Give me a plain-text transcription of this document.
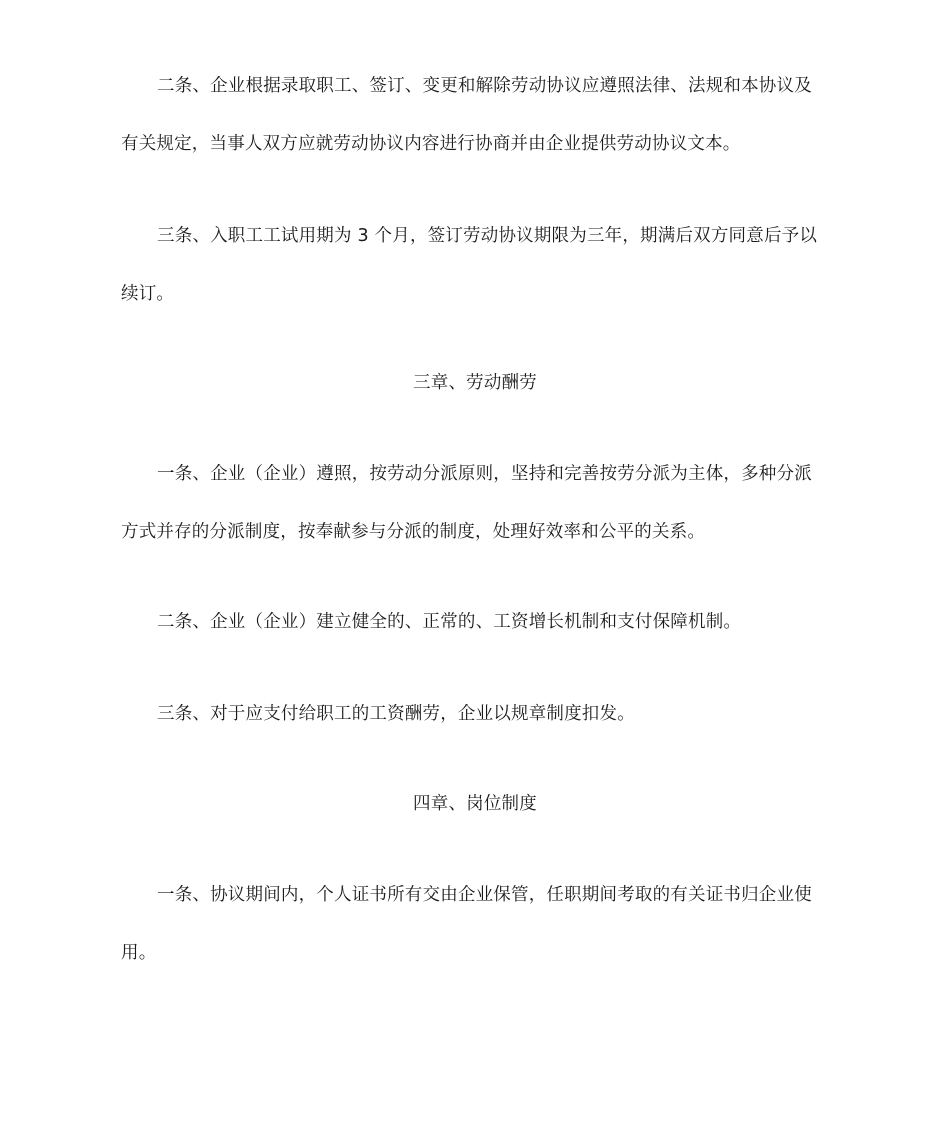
二条、企业根据录取职工、签订、变更和解除劳动协议应遵照法律、法规和本协议及
有关规定，当事人双方应就劳动协议内容进行协商并由企业提供劳动协议文本。
三条、入职工工试用期为 3 个月，签订劳动协议期限为三年，期满后双方同意后予以
续订。
三章、劳动酬劳
一条、企业（企业）遵照，按劳动分派原则，坚持和完善按劳分派为主体，多种分派
方式并存的分派制度，按奉献参与分派的制度，处理好效率和公平的关系。
二条、企业（企业）建立健全的、正常的、工资增长机制和支付保障机制。
三条、对于应支付给职工的工资酬劳，企业以规章制度扣发。
四章、岗位制度
一条、协议期间内，个人证书所有交由企业保管，任职期间考取的有关证书归企业使
用。
